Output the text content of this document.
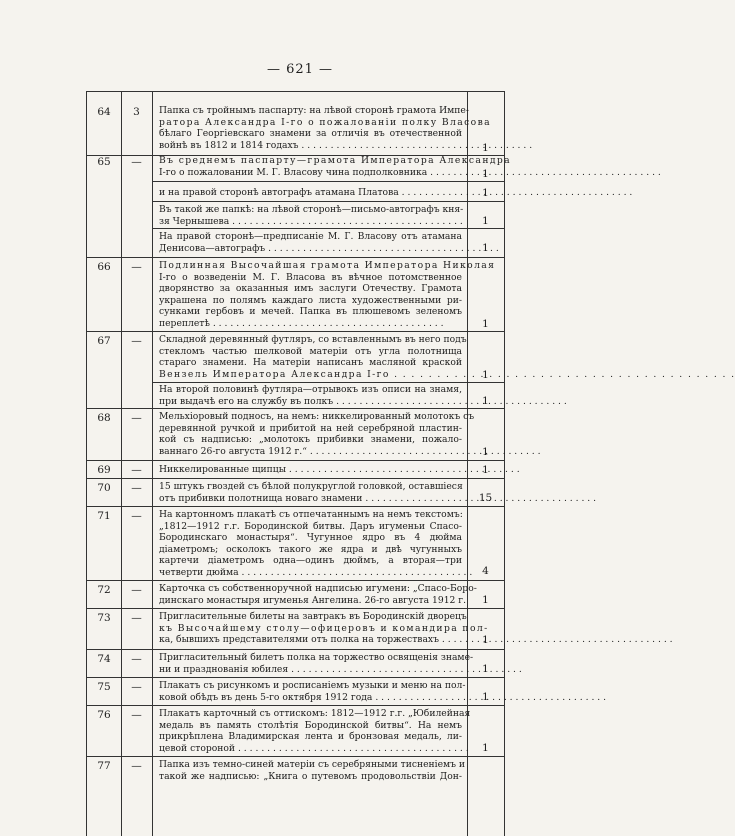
— 621 —
64	3	Папка съ тройнымъ паспарту: на лѣвой сторонѣ грамота Импе-
ратора Александра I-го о пожалованіи полку Власова
бѣлаго Георгіевскаго знамени за отличія въ отечественной
войнѣ въ 1812 и 1814 годахъ . . .	1
65	—	Въ среднемъ паспарту—грамота Императора Александра
I-го о пожаловании М. Г. Власову чина подполковника . . .	1
и на правой сторонѣ автографъ атамана Платова . . .	1
Въ такой же папкѣ: на лѣвой сторонѣ—письмо-автографъ кня-
зя Чернышева . . .	1
На правой сторонѣ—предписаніе М. Г. Власову отъ атамана
Денисова—автографъ . . .	1
66	—	Подлинная Высочайшая грамота Императора Николая
I-го о возведеніи М. Г. Власова въ вѣчное потомственное
дворянство за оказанныя имъ заслуги Отечеству. Грамота
украшена по полямъ каждаго листа художественными ри-
сунками гербовъ и мечей. Папка въ плюшевомъ зеленомъ
переплетѣ . . .	1
67	—	Складной деревянный футляръ, со вставленнымъ въ него подъ
стекломъ частью шелковой матеріи отъ угла полотнища
стараго знамени. На матеріи написанъ масляной краской
Вензель Императора Александра I-го . . .	1
На второй половинѣ футляра—отрывокъ изъ описи на знамя,
при выдачѣ его на службу въ полкъ . . .	1
68	—	Мельхіоровый подносъ, на немъ: никкелированный молотокъ съ
деревянной ручкой и прибитой на ней серебряной пластин-
кой съ надписью: „молотокъ прибивки знамени, пожало-
ваннаго 26-го августа 1912 г.“ . . .	1
69	—	Никкелированные щипцы . . .	1
70	—	15 штукъ гвоздей съ бѣлой полукруглой головкой, оставшіеся
отъ прибивки полотнища новаго знамени . . .	15
71	—	На картонномъ плакатѣ съ отпечатаннымъ на немъ текстомъ:
„1812—1912 г.г. Бородинской битвы. Даръ игуменьи Спасо-
Бородинскаго монастыря“. Чугунное ядро въ 4 дюйма
діаметромъ; осколокъ такого же ядра и двѣ чугунныхъ
картечи діаметромъ одна—одинъ дюймъ, а вторая—три
четверти дюйма . . .	4
72	—	Карточка съ собственноручной надписью игумени: „Спасо-Боро-
динскаго монастыря игуменья Ангелина. 26-го августа 1912 г.	1
73	—	Пригласительные билеты на завтракъ въ Бородинскій дворецъ
къ Высочайшему столу—офицеровъ и командира пол-
ка, бывшихъ представителями отъ полка на торжествахъ . . .	1
74	—	Пригласительный билетъ полка на торжество освященія знаме-
ни и празднованія юбилея . . .	1
75	—	Плакатъ съ рисункомъ и росписаніемъ музыки и меню на пол-
ковой обѣдъ въ день 5-го октября 1912 года . . .	1
76	—	Плакатъ карточный съ оттискомъ: 1812—1912 г.г. „Юбилейная
медаль въ память столѣтія Бородинской битвы“. На немъ
прикрѣплена Владимирская лента и бронзовая медаль, ли-
цевой стороной . . .	1
77	—	Папка изъ темно-синей матеріи съ серебряными тисненіемъ и
такой же надписью: „Книга о путевомъ продовольствіи Дон-
